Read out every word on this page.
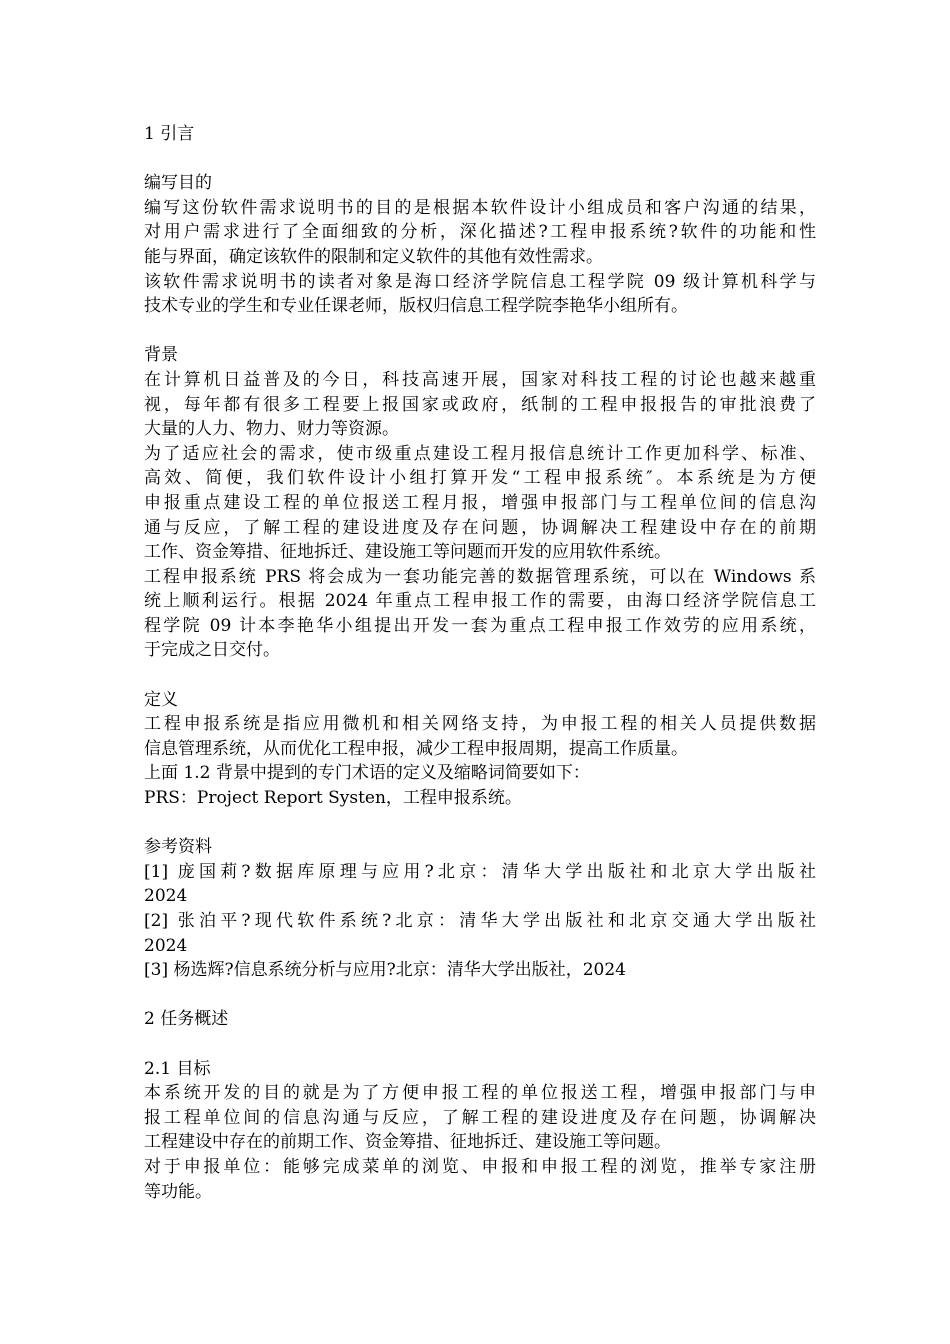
1 引言
编写目的
编写这份软件需求说明书的目的是根据本软件设计小组成员和客户沟通的结果，
对用户需求进行了全面细致的分析，深化描述?工程申报系统?软件的功能和性
能与界面，确定该软件的限制和定义软件的其他有效性需求。
该软件需求说明书的读者对象是海口经济学院信息工程学院 09 级计算机科学与
技术专业的学生和专业任课老师，版权归信息工程学院李艳华小组所有。
背景
在计算机日益普及的今日，科技高速开展，国家对科技工程的讨论也越来越重
视，每年都有很多工程要上报国家或政府，纸制的工程申报报告的审批浪费了
大量的人力、物力、财力等资源。
为了适应社会的需求，使市级重点建设工程月报信息统计工作更加科学、标准、
高效、简便，我们软件设计小组打算开发“工程申报系统″。本系统是为方便
申报重点建设工程的单位报送工程月报，增强申报部门与工程单位间的信息沟
通与反应，了解工程的建设进度及存在问题，协调解决工程建设中存在的前期
工作、资金筹措、征地拆迁、建设施工等问题而开发的应用软件系统。
工程申报系统 PRS 将会成为一套功能完善的数据管理系统，可以在 Windows 系
统上顺利运行。根据 2024 年重点工程申报工作的需要，由海口经济学院信息工
程学院 09 计本李艳华小组提出开发一套为重点工程申报工作效劳的应用系统，
于完成之日交付。
定义
工程申报系统是指应用微机和相关网络支持，为申报工程的相关人员提供数据
信息管理系统，从而优化工程申报，减少工程申报周期，提高工作质量。
上面 1.2 背景中提到的专门术语的定义及缩略词简要如下：
PRS：Project Report Systen，工程申报系统。
参考资料
[1] 庞国莉?数据库原理与应用?北京：清华大学出版社和北京大学出版社
2024
[2] 张泊平?现代软件系统?北京：清华大学出版社和北京交通大学出版社
2024
[3] 杨选辉?信息系统分析与应用?北京：清华大学出版社，2024
2 任务概述
2.1 目标
本系统开发的目的就是为了方便申报工程的单位报送工程，增强申报部门与申
报工程单位间的信息沟通与反应，了解工程的建设进度及存在问题，协调解决
工程建设中存在的前期工作、资金筹措、征地拆迁、建设施工等问题。
对于申报单位：能够完成菜单的浏览、申报和申报工程的浏览，推举专家注册
等功能。
